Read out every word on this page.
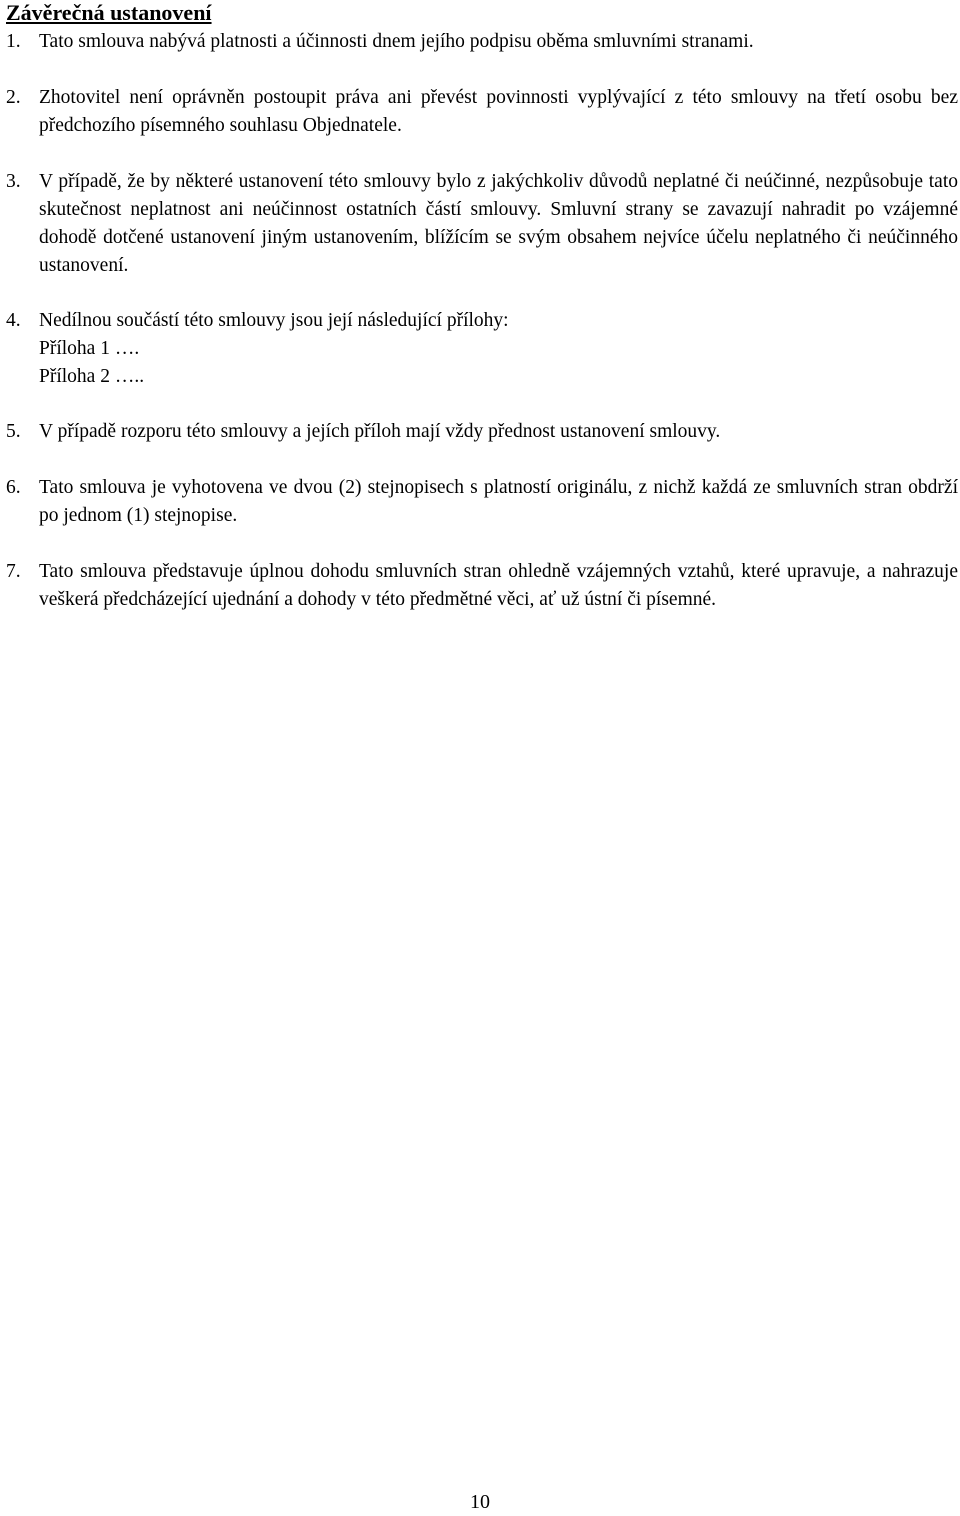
Závěrečná ustanovení
1. Tato smlouva nabývá platnosti a účinnosti dnem jejího podpisu oběma smluvními stranami.
2. Zhotovitel není oprávněn postoupit práva ani převést povinnosti vyplývající z této smlouvy na třetí osobu bez předchozího písemného souhlasu Objednatele.
3. V případě, že by některé ustanovení této smlouvy bylo z jakýchkoliv důvodů neplatné či neúčinné, nezpůsobuje tato skutečnost neplatnost ani neúčinnost ostatních částí smlouvy. Smluvní strany se zavazují nahradit po vzájemné dohodě dotčené ustanovení jiným ustanovením, blížícím se svým obsahem nejvíce účelu neplatného či neúčinného ustanovení.
4. Nedílnou součástí této smlouvy jsou její následující přílohy:
Příloha 1 ….
Příloha 2 …..
5. V případě rozporu této smlouvy a jejích příloh mají vždy přednost ustanovení smlouvy.
6. Tato smlouva je vyhotovena ve dvou (2) stejnopisech s platností originálu, z nichž každá ze smluvních stran obdrží po jednom (1) stejnopise.
7. Tato smlouva představuje úplnou dohodu smluvních stran ohledně vzájemných vztahů, které upravuje, a nahrazuje veškerá předcházející ujednání a dohody v této předmětné věci, ať už ústní či písemné.
10
